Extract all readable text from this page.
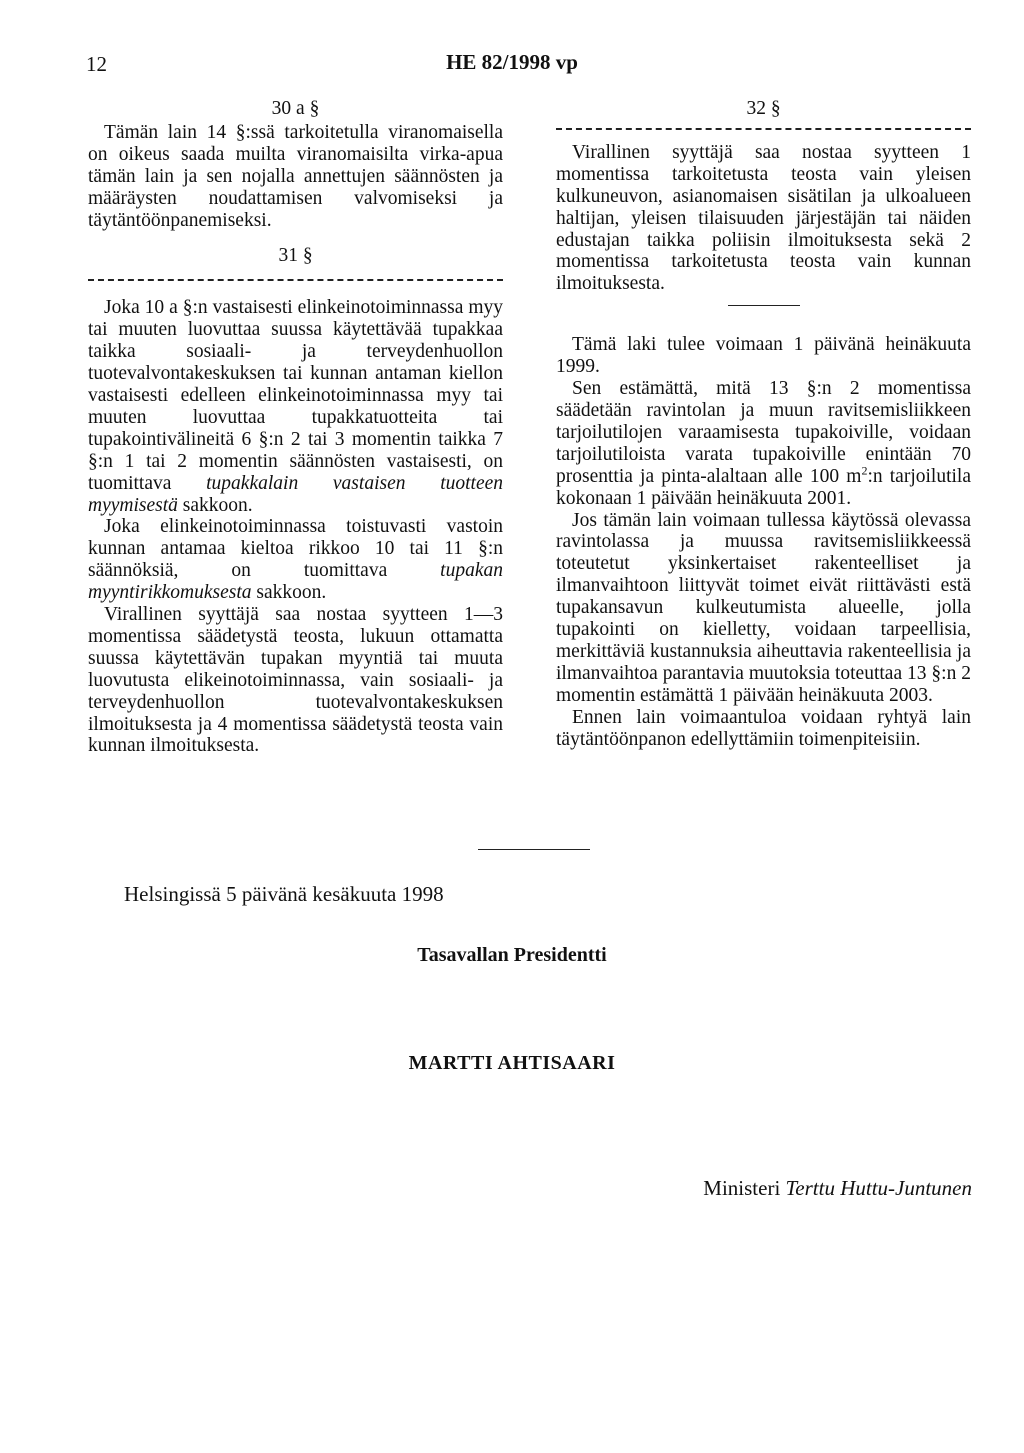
12	HE 82/1998 vp
30 a §

Tämän lain 14 §:ssä tarkoitetulla viranomaisella on oikeus saada muilta viranomaisilta virka-apua tämän lain ja sen nojalla annettujen säännösten ja määräysten noudattamisen valvomiseksi ja täytäntöönpanemiseksi.

31 §

Joka 10 a §:n vastaisesti elinkeinotoiminnassa myy tai muuten luovuttaa suussa käytettävää tupakkaa taikka sosiaali- ja terveydenhuollon tuotevalvontakeskuksen tai kunnan antaman kiellon vastaisesti edelleen elinkeinotoiminnassa myy tai muuten luovuttaa tupakkatuotteita tai tupakointivälineitä 6 §:n 2 tai 3 momentin taikka 7 §:n 1 tai 2 momentin säännösten vastaisesti, on tuomittava tupakkalain vastaisen tuotteen myymisestä sakkoon.

Joka elinkeinotoiminnassa toistuvasti vastoin kunnan antamaa kieltoa rikkoo 10 tai 11 §:n säännöksiä, on tuomittava tupakan myyntirikkomuksesta sakkoon.

Virallinen syyttäjä saa nostaa syytteen 1—3 momentissa säädetystä teosta, lukuun ottamatta suussa käytettävän tupakan myyntiä tai muuta luovutusta elikeinotoiminnassa, vain sosiaali- ja terveydenhuollon tuotevalvontakeskuksen ilmoituksesta ja 4 momentissa säädetystä teosta vain kunnan ilmoituksesta.

32 §

Virallinen syyttäjä saa nostaa syytteen 1 momentissa tarkoitetusta teosta vain yleisen kulkuneuvon, asianomaisen sisätilan ja ulkoalueen haltijan, yleisen tilaisuuden järjestäjän tai näiden edustajan taikka poliisin ilmoituksesta sekä 2 momentissa tarkoitetusta teosta vain kunnan ilmoituksesta.

Tämä laki tulee voimaan 1 päivänä heinäkuuta 1999.

Sen estämättä, mitä 13 §:n 2 momentissa säädetään ravintolan ja muun ravitsemisliikkeen tarjoilutilojen varaamisesta tupakoiville, voidaan tarjoilutiloista varata tupakoiville enintään 70 prosenttia ja pinta-alaltaan alle 100 $m^2:n$ tarjoilutila kokonaan 1 päivään heinäkuuta 2001.

Jos tämän lain voimaan tullessa käytössä olevassa ravintolassa ja muussa ravitsemisliikkeessä toteutetut yksinkertaiset rakenteelliset ja ilmanvaihtoon liittyvät toimet eivät riittävästi estä tupakansavun kulkeutumista alueelle, jolla tupakointi on kielletty, voidaan tarpeellisia, merkittäviä kustannuksia aiheuttavia rakenteellisia ja ilmanvaihtoa parantavia muutoksia toteuttaa 13 §:n 2 momentin estämättä 1 päivään heinäkuuta 2003.

Ennen lain voimaantuloa voidaan ryhtyä lain täytäntöönpanon edellyttämiin toimenpiteisiin.

Helsingissä 5 päivänä kesäkuuta 1998
Tasavallan Presidentti
MARTTI AHTISAARI
Ministeri Terttu Huttu-Juntunen
